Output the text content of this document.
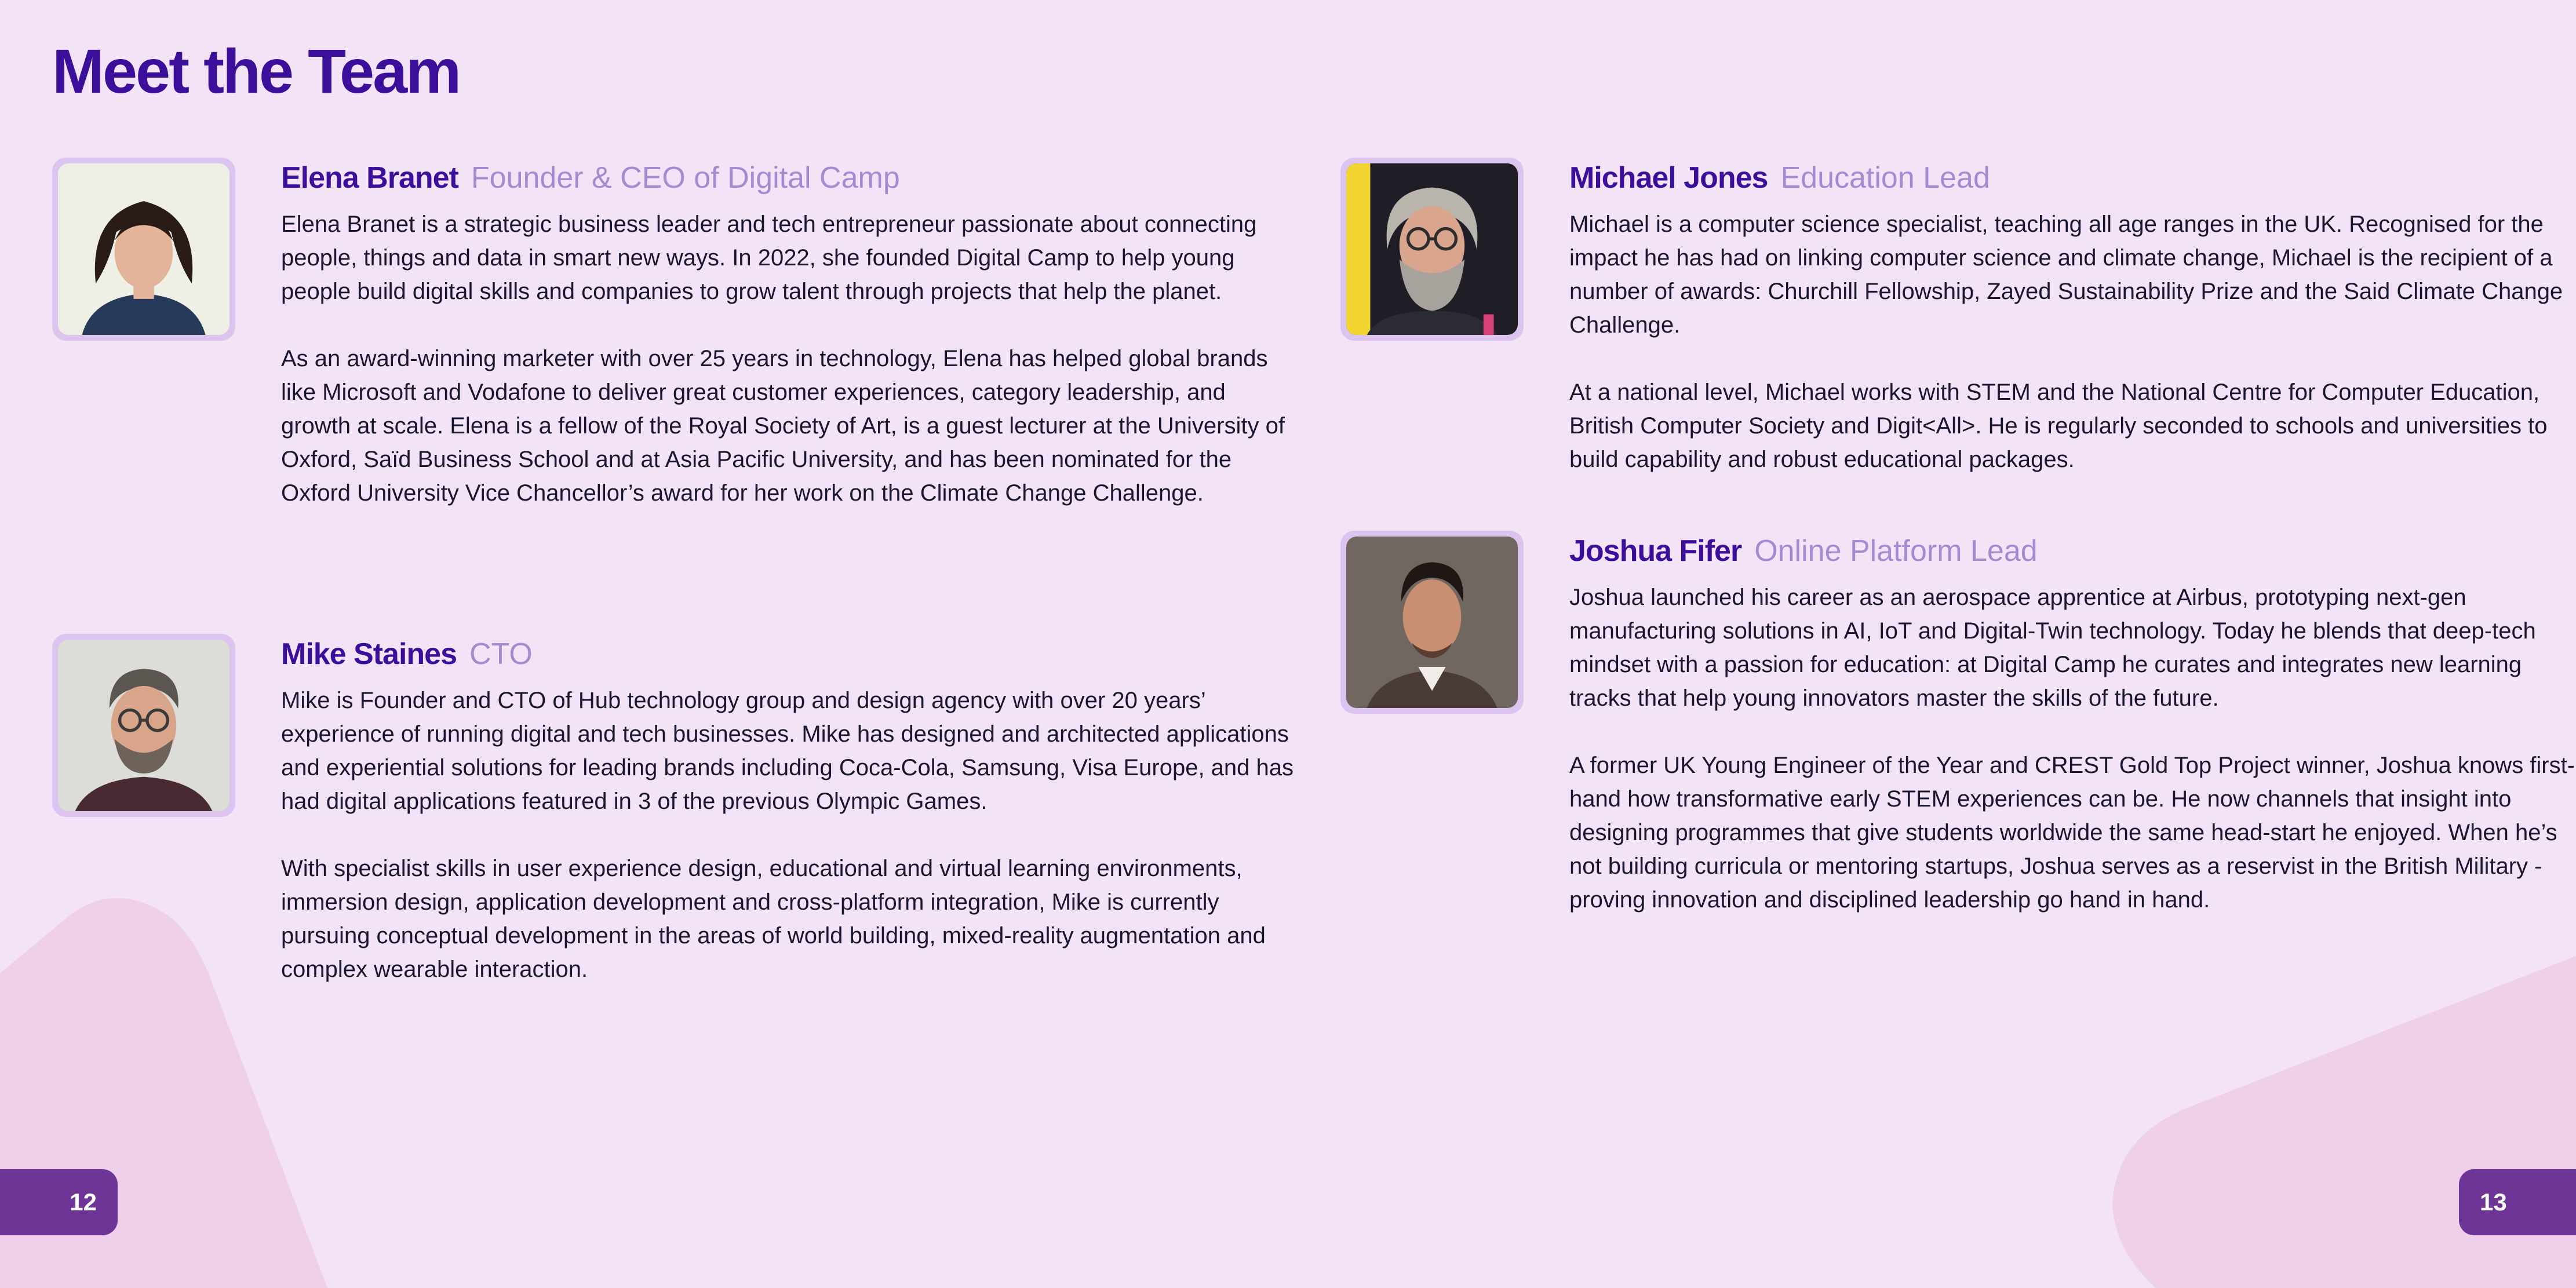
Meet the Team

Elena Branet Founder & CEO of Digital Camp

Elena Branet is a strategic business leader and tech entrepreneur passionate about connecting people, things and data in smart new ways. In 2022, she founded Digital Camp to help young people build digital skills and companies to grow talent through projects that help the planet.

As an award-winning marketer with over 25 years in technology, Elena has helped global brands like Microsoft and Vodafone to deliver great customer experiences, category leadership, and growth at scale. Elena is a fellow of the Royal Society of Art, is a guest lecturer at the University of Oxford, Saïd Business School and at Asia Pacific University, and has been nominated for the Oxford University Vice Chancellor’s award for her work on the Climate Change Challenge.

Mike Staines CTO

Mike is Founder and CTO of Hub technology group and design agency with over 20 years’ experience of running digital and tech businesses. Mike has designed and architected applications and experiential solutions for leading brands including Coca-Cola, Samsung, Visa Europe, and has had digital applications featured in 3 of the previous Olympic Games.

With specialist skills in user experience design, educational and virtual learning environments, immersion design, application development and cross-platform integration, Mike is currently pursuing conceptual development in the areas of world building, mixed-reality augmentation and complex wearable interaction.

Michael Jones Education Lead

Michael is a computer science specialist, teaching all age ranges in the UK. Recognised for the impact he has had on linking computer science and climate change, Michael is the recipient of a number of awards: Churchill Fellowship, Zayed Sustainability Prize and the Said Climate Change Challenge.

At a national level, Michael works with STEM and the National Centre for Computer Education, British Computer Society and Digit<All>. He is regularly seconded to schools and universities to build capability and robust educational packages.

Joshua Fifer Online Platform Lead

Joshua launched his career as an aerospace apprentice at Airbus, prototyping next-gen manufacturing solutions in AI, IoT and Digital-Twin technology. Today he blends that deep-tech mindset with a passion for education: at Digital Camp he curates and integrates new learning tracks that help young innovators master the skills of the future.

A former UK Young Engineer of the Year and CREST Gold Top Project winner, Joshua knows first-hand how transformative early STEM experiences can be. He now channels that insight into designing programmes that give students worldwide the same head-start he enjoyed. When he’s not building curricula or mentoring startups, Joshua serves as a reservist in the British Military - proving innovation and disciplined leadership go hand in hand.

12	13
